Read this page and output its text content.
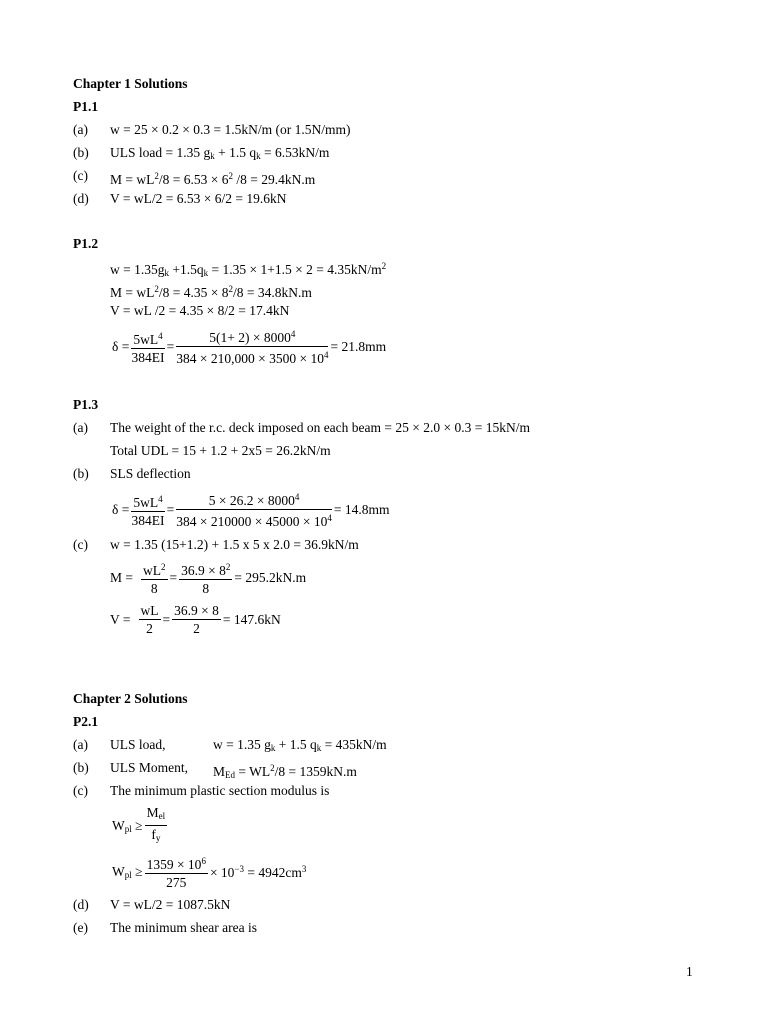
Chapter 1 Solutions
P1.1
(a) w = 25 × 0.2 × 0.3 = 1.5kN/m (or 1.5N/mm)
(b) ULS load = 1.35 $g_k + 1.5$ $q_k = 6.53kN/m$
(c) $M = wL^2/8 = 6.53 \times 6^2$ /8 = 29.4kN.m
(d) V = wL/2 = 6.53 × 6/2 = 19.6kN
P1.2
$w = 1.35g_k +1.5q_k = 1.35 \times 1+1.5 \times 2 = 4.35kN/m^2$
$M = wL^2/8 = 4.35 \times 8^2/8 = 34.8kN.m$
V = wL /2 = 4.35 × 8/2 = 17.4kN
$\delta = \frac{5wL^4}{384EI} = \frac{5(1+ 2) \times 8000^4}{384 \times 210,000 \times 3500 \times 10^4} = 21.8mm$
P1.3
(a) The weight of the r.c. deck imposed on each beam = 25 × 2.0 × 0.3 = 15kN/m
Total UDL = 15 + 1.2 + 2x5 = 26.2kN/m
(b) SLS deflection
$\delta = \frac{5wL^4}{384EI} = \frac{5 \times 26.2 \times 8000^4}{384 \times 210000 \times 45000 \times 10^4} = 14.8mm$
(c) w = 1.35 (15+1.2) + 1.5 x 5 x 2.0 = 36.9kN/m
$M = \frac{wL^2}{8} = \frac{36.9 \times 8^2}{8} = 295.2kN.m$
$V = \frac{wL}{2} = \frac{36.9 \times 8}{2} = 147.6kN$
Chapter 2 Solutions
P2.1
(a) ULS load,	w = 1.35 $g_k + 1.5$ $q_k = 435kN/m$
(b) ULS Moment, $M_{Ed} = WL^2/8 = 1359kN.m$
(c) The minimum plastic section modulus is
$W_{pl} \ge \frac{M_{el}}{f_y}$
$W_{pl} \ge \frac{1359 \times 10^6}{275} \times 10^{-3} = 4942cm^3$
(d) V = wL/2 = 1087.5kN
(e) The minimum shear area is
1
